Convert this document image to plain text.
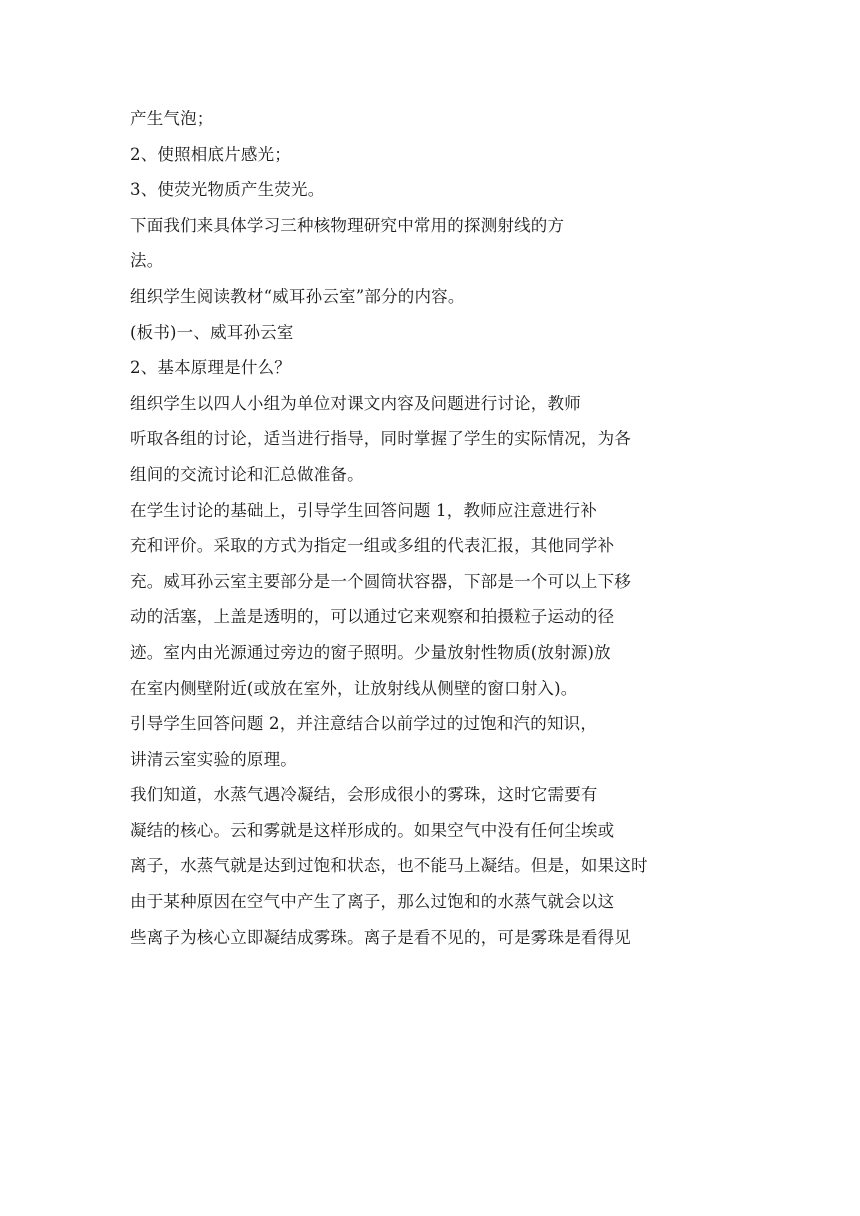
产生气泡；
2、使照相底片感光；
3、使荧光物质产生荧光。
下面我们来具体学习三种核物理研究中常用的探测射线的方
法。
组织学生阅读教材“威耳孙云室”部分的内容。
(板书)一、威耳孙云室
2、基本原理是什么？
组织学生以四人小组为单位对课文内容及问题进行讨论，教师
听取各组的讨论，适当进行指导，同时掌握了学生的实际情况，为各
组间的交流讨论和汇总做准备。
在学生讨论的基础上，引导学生回答问题 1，教师应注意进行补
充和评价。采取的方式为指定一组或多组的代表汇报，其他同学补
充。威耳孙云室主要部分是一个圆筒状容器，下部是一个可以上下移
动的活塞，上盖是透明的，可以通过它来观察和拍摄粒子运动的径
迹。室内由光源通过旁边的窗子照明。少量放射性物质(放射源)放
在室内侧壁附近(或放在室外，让放射线从侧壁的窗口射入)。
引导学生回答问题 2，并注意结合以前学过的过饱和汽的知识，
讲清云室实验的原理。
我们知道，水蒸气遇冷凝结，会形成很小的雾珠，这时它需要有
凝结的核心。云和雾就是这样形成的。如果空气中没有任何尘埃或
离子，水蒸气就是达到过饱和状态，也不能马上凝结。但是，如果这时
由于某种原因在空气中产生了离子，那么过饱和的水蒸气就会以这
些离子为核心立即凝结成雾珠。离子是看不见的，可是雾珠是看得见
